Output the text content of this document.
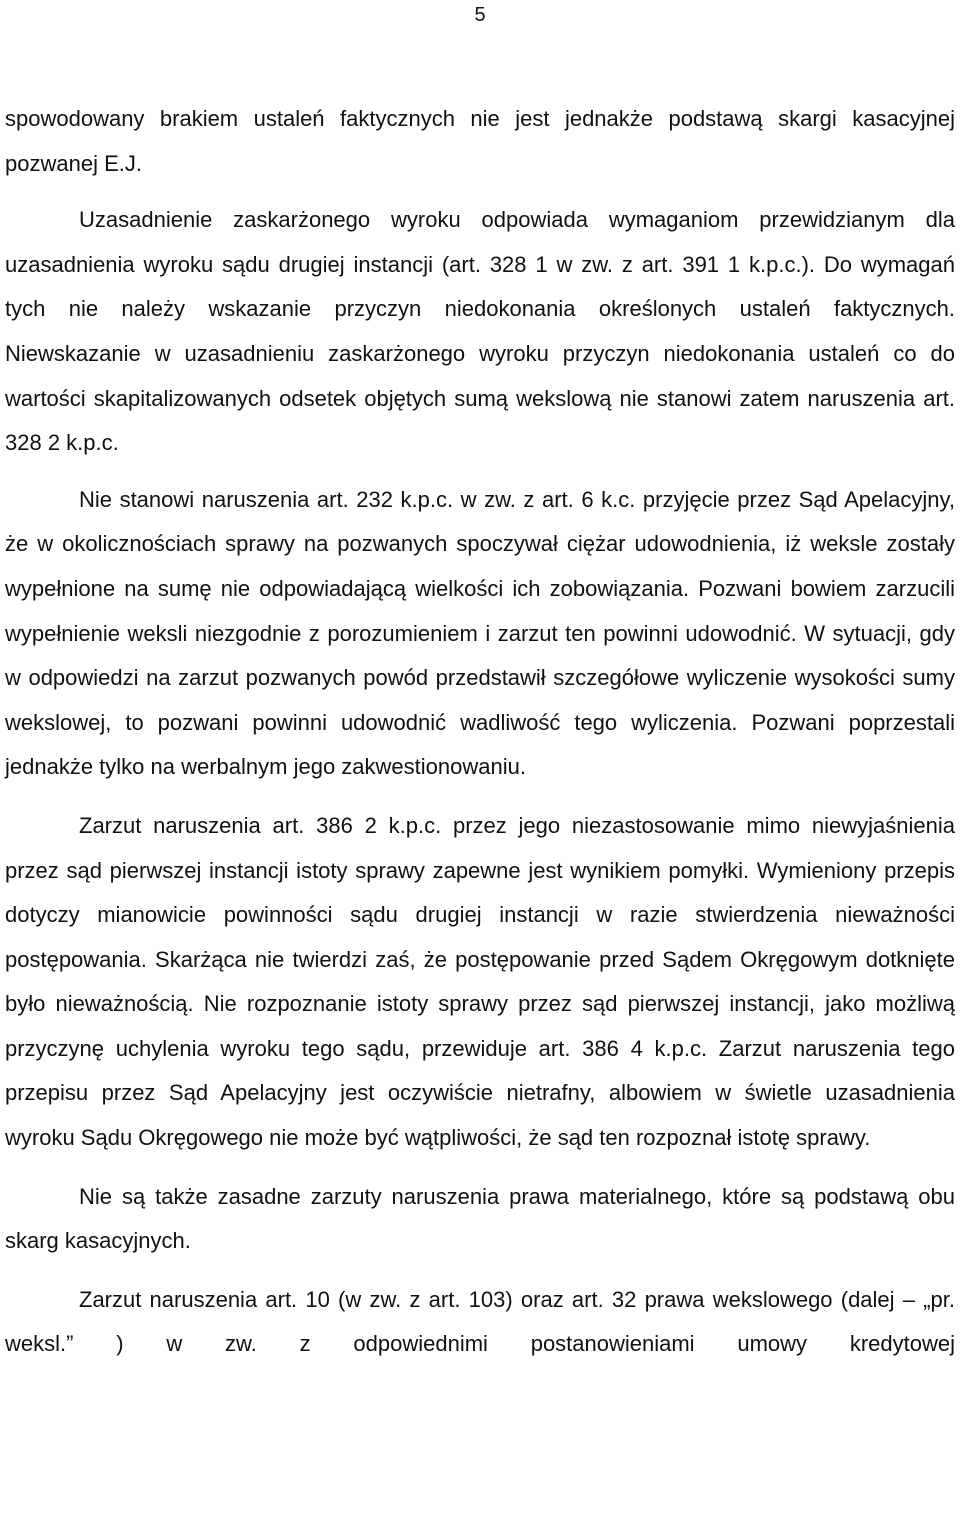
5

spowodowany brakiem ustaleń faktycznych nie jest jednakże podstawą skargi kasacyjnej pozwanej E.J.

Uzasadnienie zaskarżonego wyroku odpowiada wymaganiom przewidzianym dla uzasadnienia wyroku sądu drugiej instancji (art. 328 1 w zw. z art. 391 1 k.p.c.). Do wymagań tych nie należy wskazanie przyczyn niedokonania określonych ustaleń faktycznych. Niewskazanie w uzasadnieniu zaskarżonego wyroku przyczyn niedokonania ustaleń co do wartości skapitalizowanych odsetek objętych sumą wekslową nie stanowi zatem naruszenia art. 328 2 k.p.c.

Nie stanowi naruszenia art. 232 k.p.c. w zw. z art. 6 k.c. przyjęcie przez Sąd Apelacyjny, że w okolicznościach sprawy na pozwanych spoczywał ciężar udowodnienia, iż weksle zostały wypełnione na sumę nie odpowiadającą wielkości ich zobowiązania. Pozwani bowiem zarzucili wypełnienie weksli niezgodnie z porozumieniem i zarzut ten powinni udowodnić. W sytuacji, gdy w odpowiedzi na zarzut pozwanych powód przedstawił szczegółowe wyliczenie wysokości sumy wekslowej, to pozwani powinni udowodnić wadliwość tego wyliczenia. Pozwani poprzestali jednakże tylko na werbalnym jego zakwestionowaniu.

Zarzut naruszenia art. 386 2 k.p.c. przez jego niezastosowanie mimo niewyjaśnienia przez sąd pierwszej instancji istoty sprawy zapewne jest wynikiem pomyłki. Wymieniony przepis dotyczy mianowicie powinności sądu drugiej instancji w razie stwierdzenia nieważności postępowania. Skarżąca nie twierdzi zaś, że postępowanie przed Sądem Okręgowym dotknięte było nieważnością. Nie rozpoznanie istoty sprawy przez sąd pierwszej instancji, jako możliwą przyczynę uchylenia wyroku tego sądu, przewiduje art. 386 4 k.p.c. Zarzut naruszenia tego przepisu przez Sąd Apelacyjny jest oczywiście nietrafny, albowiem w świetle uzasadnienia wyroku Sądu Okręgowego nie może być wątpliwości, że sąd ten rozpoznał istotę sprawy.

Nie są także zasadne zarzuty naruszenia prawa materialnego, które są podstawą obu skarg kasacyjnych.

Zarzut naruszenia art. 10 (w zw. z art. 103) oraz art. 32 prawa wekslowego (dalej – „pr. weksl.” ) w zw. z odpowiednimi postanowieniami umowy kredytowej
